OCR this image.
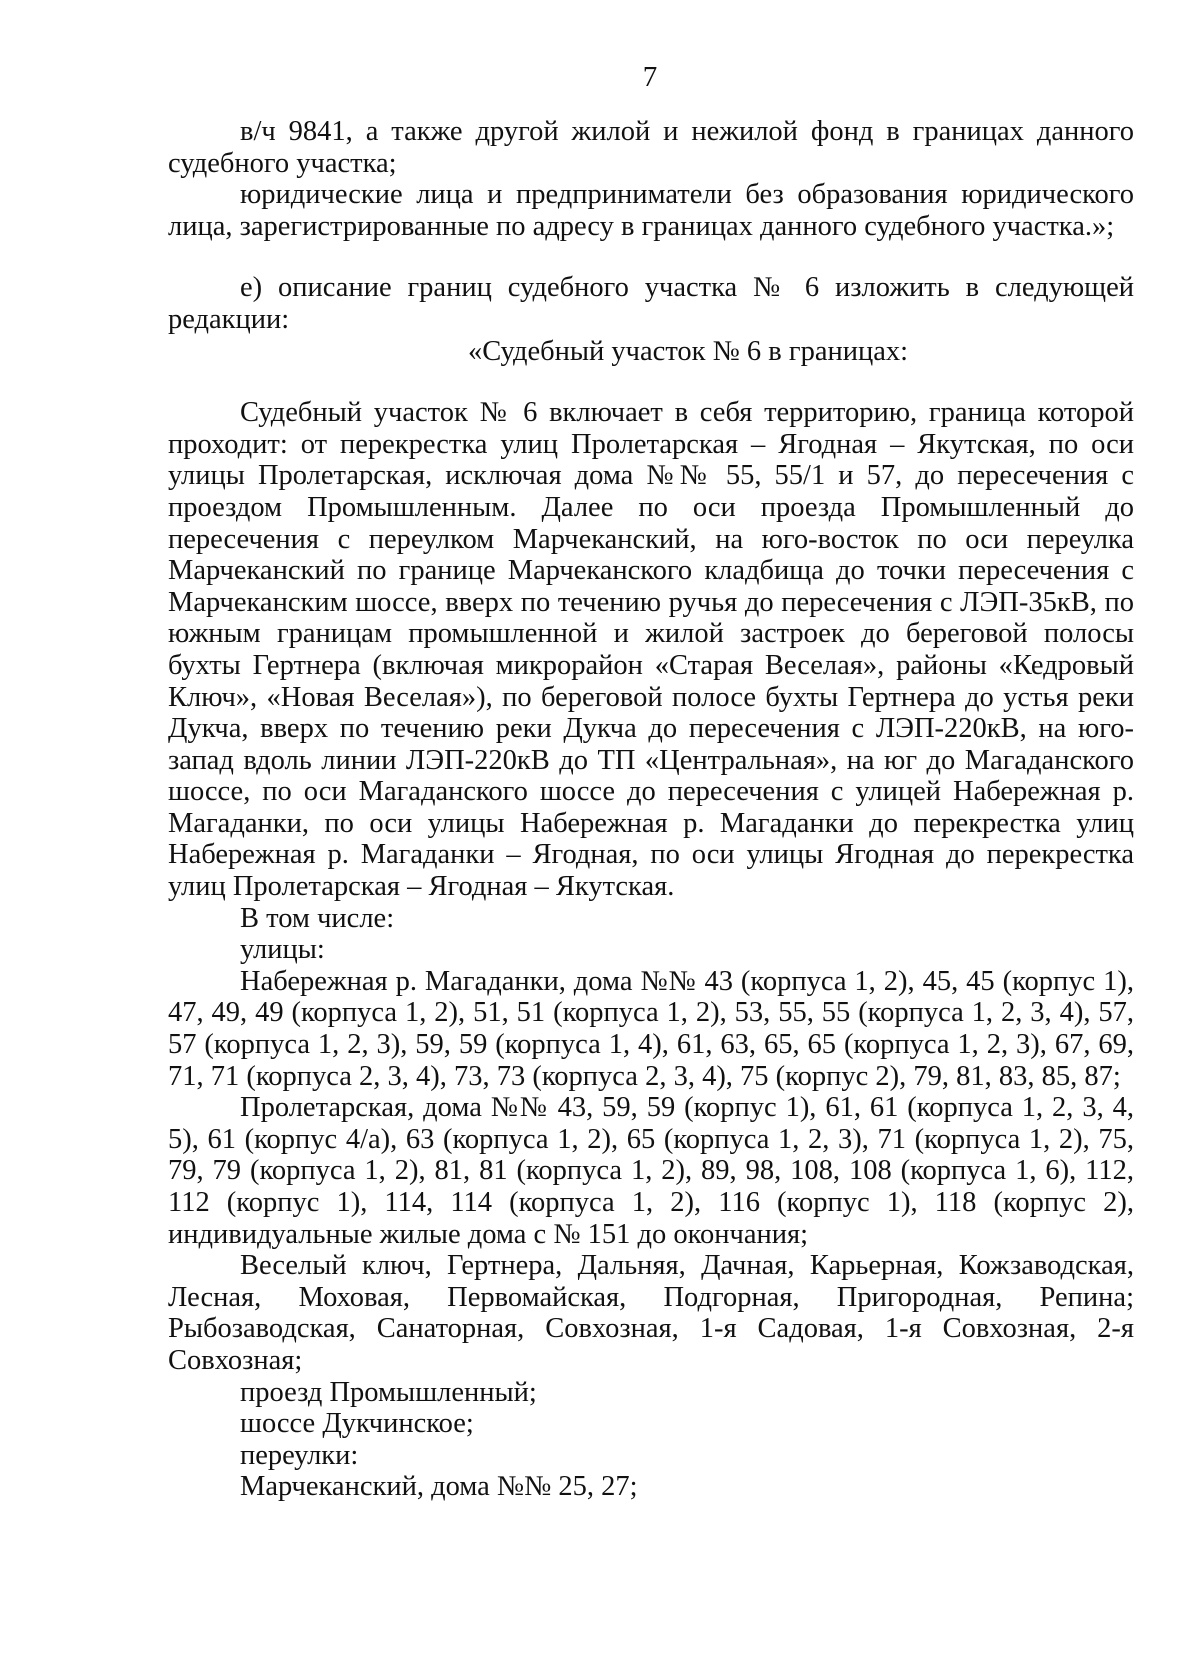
7

в/ч 9841, а также другой жилой и нежилой фонд в границах данного судебного участка;

юридические лица и предприниматели без образования юридического лица, зарегистрированные по адресу в границах данного судебного участка.»;

е) описание границ судебного участка № 6 изложить в следующей редакции:

«Судебный участок № 6 в границах:

Судебный участок № 6 включает в себя территорию, граница которой проходит: от перекрестка улиц Пролетарская – Ягодная – Якутская, по оси улицы Пролетарская, исключая дома №№ 55, 55/1 и 57, до пересечения с проездом Промышленным. Далее по оси проезда Промышленный до пересечения с переулком Марчеканский, на юго-восток по оси переулка Марчеканский по границе Марчеканского кладбища до точки пересечения с Марчеканским шоссе, вверх по течению ручья до пересечения с ЛЭП-35кВ, по южным границам промышленной и жилой застроек до береговой полосы бухты Гертнера (включая микрорайон «Старая Веселая», районы «Кедровый Ключ», «Новая Веселая»), по береговой полосе бухты Гертнера до устья реки Дукча, вверх по течению реки Дукча до пересечения с ЛЭП-220кВ, на юго-запад вдоль линии ЛЭП-220кВ до ТП «Центральная», на юг до Магаданского шоссе, по оси Магаданского шоссе до пересечения с улицей Набережная р. Магаданки, по оси улицы Набережная р. Магаданки до перекрестка улиц Набережная р. Магаданки – Ягодная, по оси улицы Ягодная до перекрестка улиц Пролетарская – Ягодная – Якутская.

В том числе:

улицы:

Набережная р. Магаданки, дома №№ 43 (корпуса 1, 2), 45, 45 (корпус 1), 47, 49, 49 (корпуса 1, 2), 51, 51 (корпуса 1, 2), 53, 55, 55 (корпуса 1, 2, 3, 4), 57, 57 (корпуса 1, 2, 3), 59, 59 (корпуса 1, 4), 61, 63, 65, 65 (корпуса 1, 2, 3), 67, 69, 71, 71 (корпуса 2, 3, 4), 73, 73 (корпуса 2, 3, 4), 75 (корпус 2), 79, 81, 83, 85, 87;

Пролетарская, дома №№ 43, 59, 59 (корпус 1), 61, 61 (корпуса 1, 2, 3, 4, 5), 61 (корпус 4/а), 63 (корпуса 1, 2), 65 (корпуса 1, 2, 3), 71 (корпуса 1, 2), 75, 79, 79 (корпуса 1, 2), 81, 81 (корпуса 1, 2), 89, 98, 108, 108 (корпуса 1, 6), 112, 112 (корпус 1), 114, 114 (корпуса 1, 2), 116 (корпус 1), 118 (корпус 2), индивидуальные жилые дома с № 151 до окончания;

Веселый ключ, Гертнера, Дальняя, Дачная, Карьерная, Кожзаводская, Лесная, Моховая, Первомайская, Подгорная, Пригородная, Репина; Рыбозаводская, Санаторная, Совхозная, 1-я Садовая, 1-я Совхозная, 2-я Совхозная;

проезд Промышленный;

шоссе Дукчинское;

переулки:

Марчеканский, дома №№ 25, 27;
